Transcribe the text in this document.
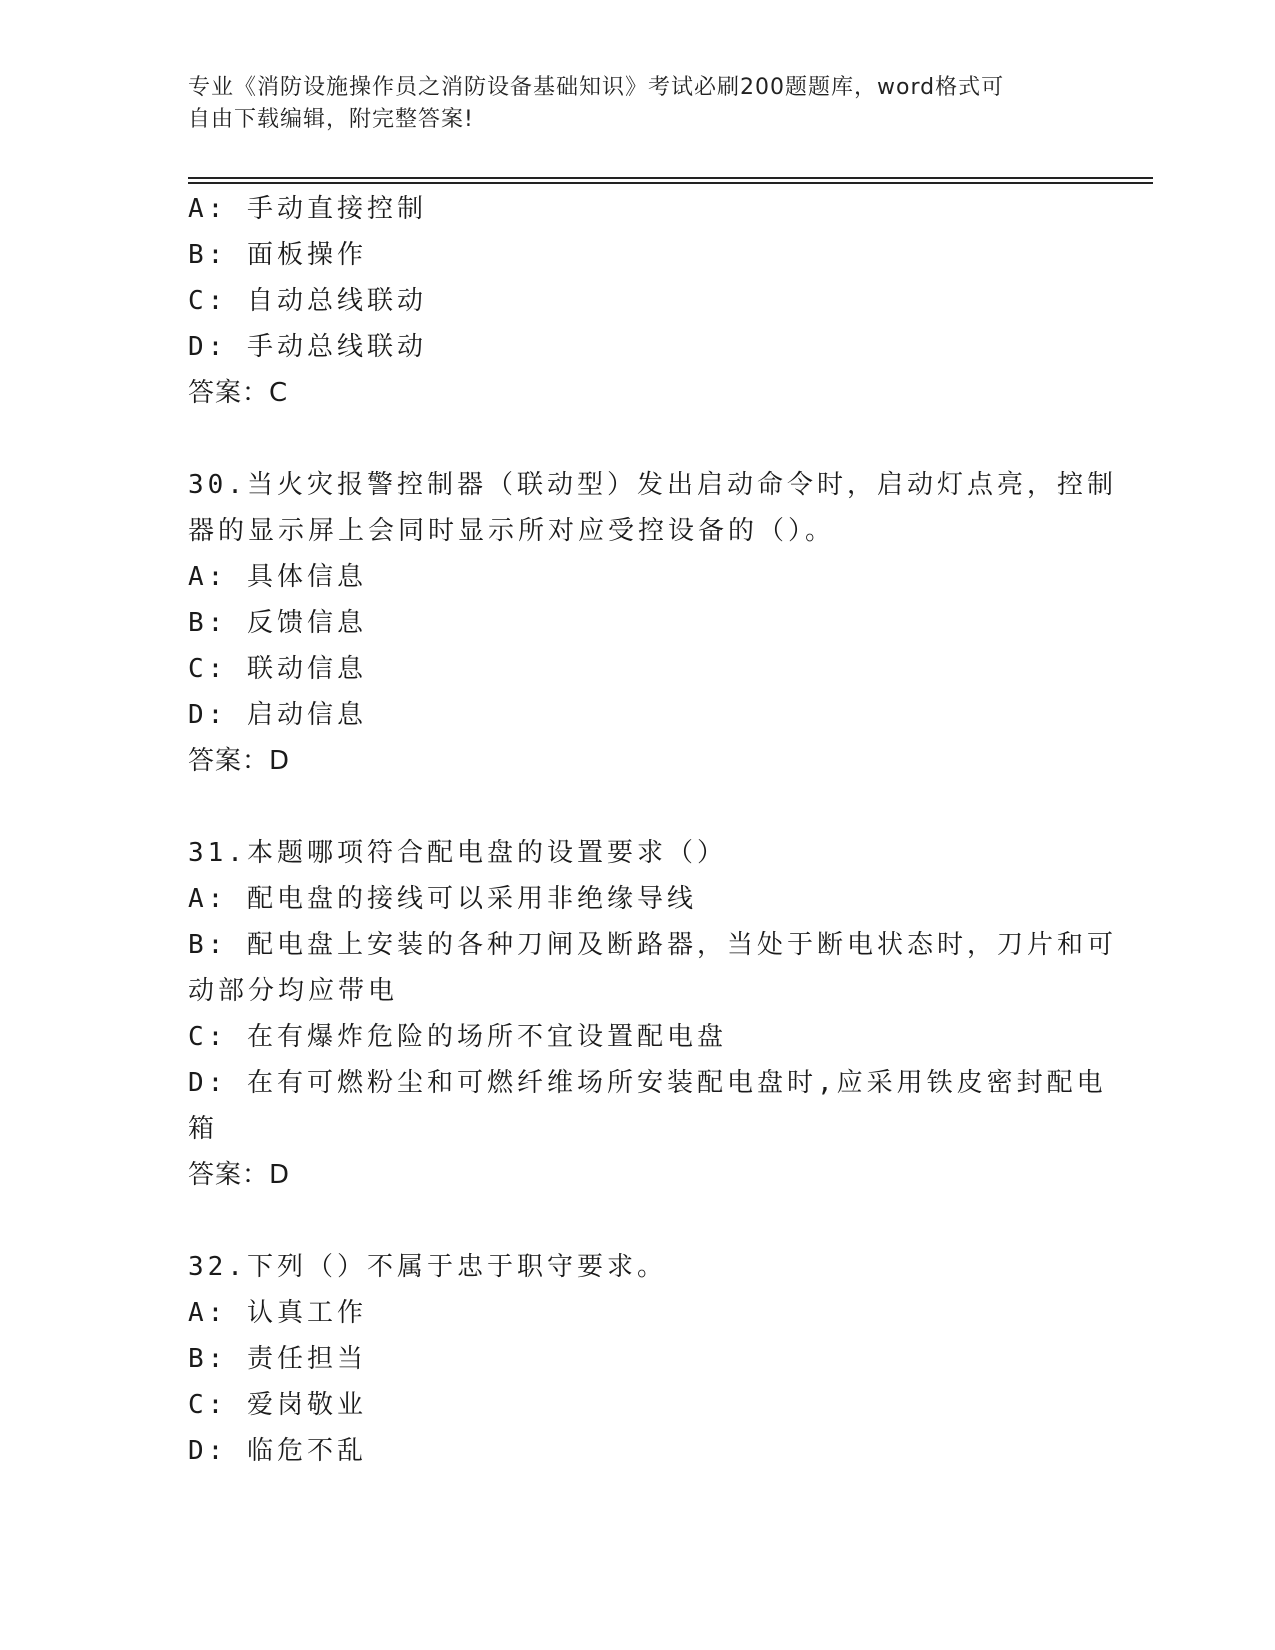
专业《消防设施操作员之消防设备基础知识》考试必刷200题题库，word格式可
自由下载编辑，附完整答案!
A: 手动直接控制
B: 面板操作
C: 自动总线联动
D: 手动总线联动
答案：C
30.当火灾报警控制器（联动型）发出启动命令时，启动灯点亮，控制
器的显示屏上会同时显示所对应受控设备的（）。
A: 具体信息
B: 反馈信息
C: 联动信息
D: 启动信息
答案：D
31.本题哪项符合配电盘的设置要求（）
A: 配电盘的接线可以采用非绝缘导线
B: 配电盘上安装的各种刀闸及断路器，当处于断电状态时，刀片和可
动部分均应带电
C: 在有爆炸危险的场所不宜设置配电盘
D: 在有可燃粉尘和可燃纤维场所安装配电盘时,应采用铁皮密封配电
箱
答案：D
32.下列（）不属于忠于职守要求。
A: 认真工作
B: 责任担当
C: 爱岗敬业
D: 临危不乱
